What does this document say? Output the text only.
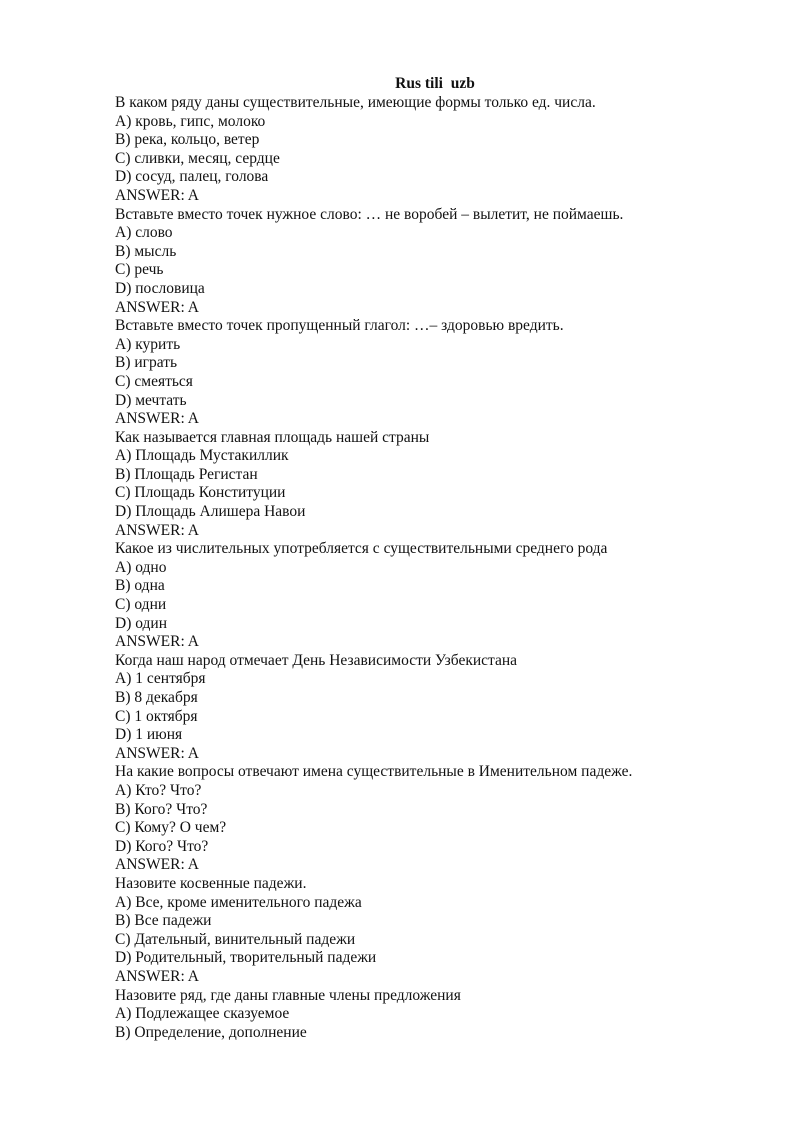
Rus tili  uzb
В каком ряду даны существительные, имеющие формы только ед. числа.
A) кровь, гипс, молоко
B) река, кольцо, ветер
C) сливки, месяц, сердце
D) сосуд, палец, голова
ANSWER: A
Вставьте вместо точек нужное слово: … не воробей – вылетит, не поймаешь.
A) слово
B) мысль
C) речь
D) пословица
ANSWER: A
Вставьте вместо точек пропущенный глагол: …– здоровью вредить.
A) курить
B) играть
C) смеяться
D) мечтать
ANSWER: A
Как называется главная площадь нашей страны
A) Площадь Мустакиллик
B) Площадь Регистан
C) Площадь Конституции
D) Площадь Алишера Навои
ANSWER: A
Какое из числительных употребляется с существительными среднего рода
A) одно
B) одна
C) одни
D) один
ANSWER: A
Когда наш народ отмечает День Независимости Узбекистана
A) 1 сентября
B) 8 декабря
C) 1 октября
D) 1 июня
ANSWER: A
На какие вопросы отвечают имена существительные в Именительном падеже.
A) Кто? Что?
B) Кого? Что?
C) Кому? О чем?
D) Кого? Что?
ANSWER: A
Назовите косвенные падежи.
A) Все, кроме именительного падежа
B) Все падежи
C) Дательный, винительный падежи
D) Родительный, творительный падежи
ANSWER: A
Назовите ряд, где даны главные члены предложения
A) Подлежащее сказуемое
B) Определение, дополнение
